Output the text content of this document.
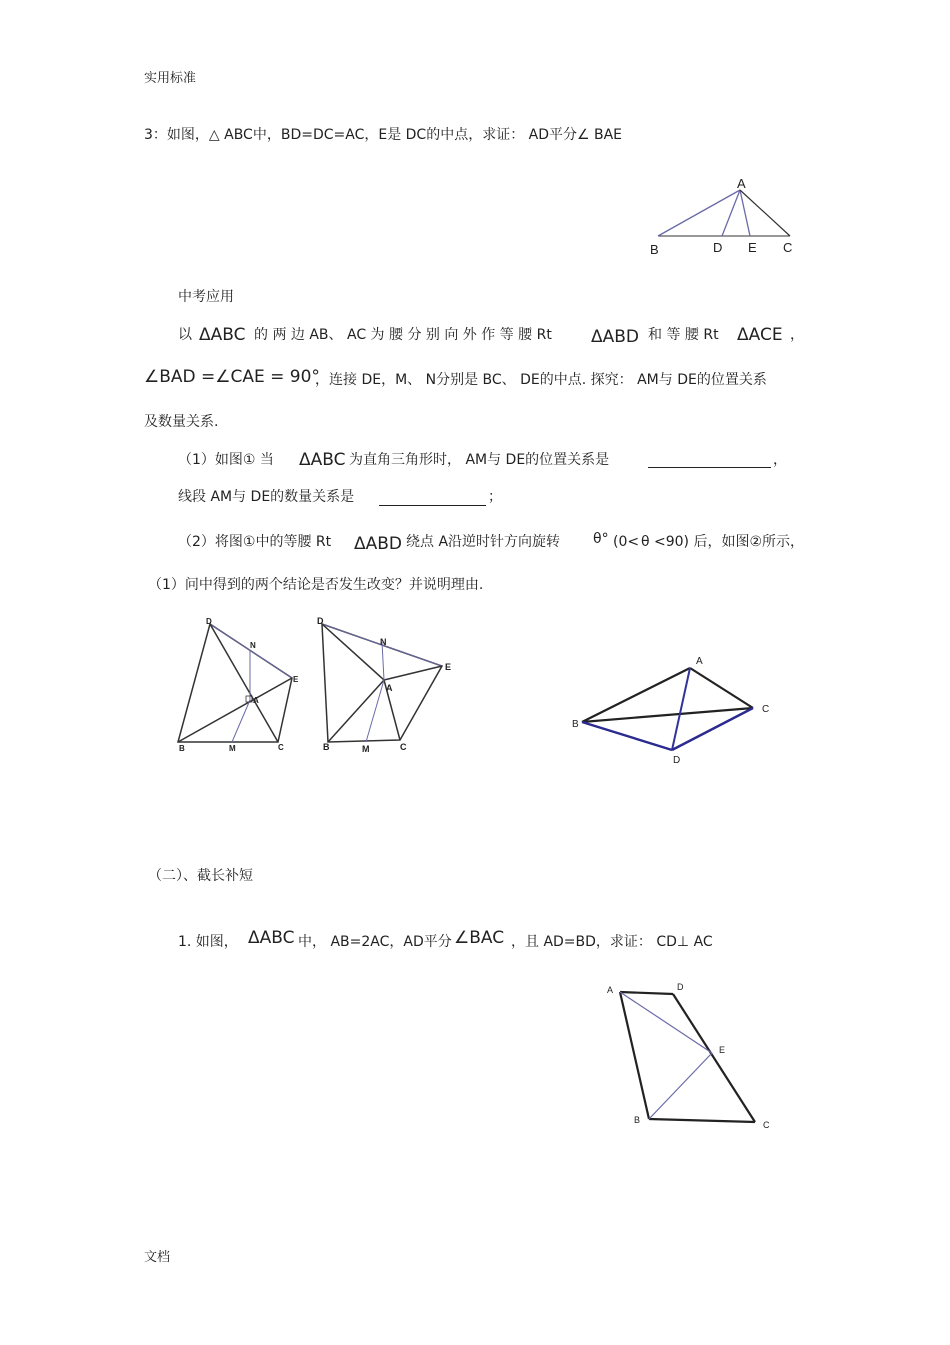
实用标准
3：如图，△ ABC中，BD=DC=AC，E是 DC的中点，求证： AD平分∠ BAE
A
B	D E C
中考应用
以 ΔABC 的 两 边 AB、 AC 为 腰 分 别 向 外 作 等 腰 Rt ΔABD 和 等 腰 Rt ΔACE ，
∠BAD =∠CAE = 90°
，连接 DE，M、 N分别是 BC、 DE的中点. 探究： AM与 DE的位置关系
及数量关系.
（1）如图① 当 ΔABC 为直角三角形时， AM与 DE的位置关系是	，
线段 AM与 DE的数量关系是	；
（2）将图①中的等腰 Rt ΔABD 绕点 A沿逆时针方向旋转 θ° (0< θ <90) 后，如图②所示，
（1）问中得到的两个结论是否发生改变？并说明理由.
D
N
E
A
B	M	C
D
N
E
A
B	M	C
A
B
C
D
（二）、截长补短
1. 如图， ΔABC 中， AB=2AC，AD平分 ∠BAC ，且 AD=BD，求证： CD⊥ AC
A	D
E
B	C
文档
